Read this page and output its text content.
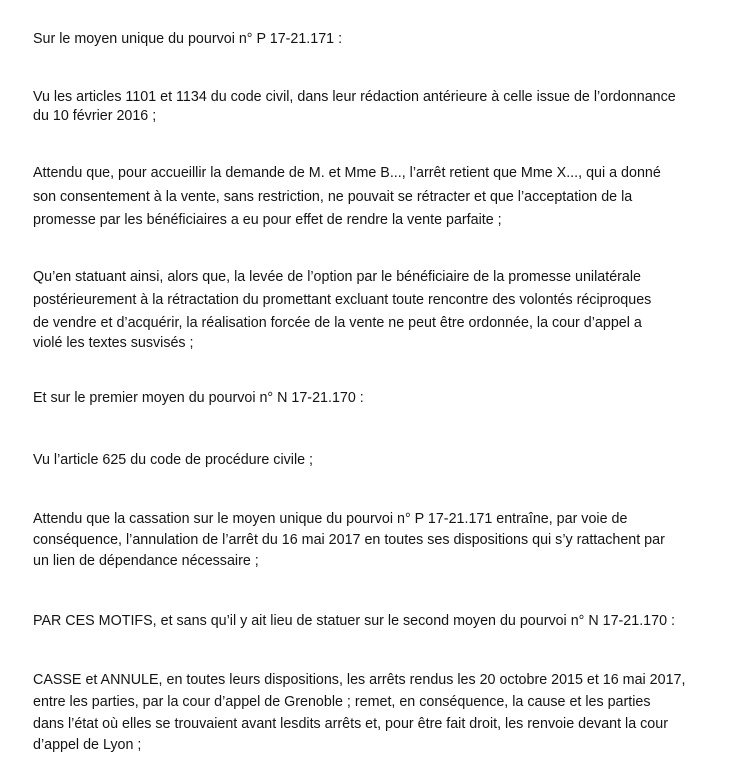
Sur le moyen unique du pourvoi n° P 17-21.171 :

Vu les articles 1101 et 1134 du code civil, dans leur rédaction antérieure à celle issue de l’ordonnance

du 10 février 2016 ;

Attendu que, pour accueillir la demande de M. et Mme B..., l’arrêt retient que Mme X..., qui a donné

son consentement à la vente, sans restriction, ne pouvait se rétracter et que l’acceptation de la

promesse par les bénéficiaires a eu pour effet de rendre la vente parfaite ;

Qu’en statuant ainsi, alors que, la levée de l’option par le bénéficiaire de la promesse unilatérale

postérieurement à la rétractation du promettant excluant toute rencontre des volontés réciproques

de vendre et d’acquérir, la réalisation forcée de la vente ne peut être ordonnée, la cour d’appel a

violé les textes susvisés ;

Et sur le premier moyen du pourvoi n° N 17-21.170 :

Vu l’article 625 du code de procédure civile ;

Attendu que la cassation sur le moyen unique du pourvoi n° P 17-21.171 entraîne, par voie de

conséquence, l’annulation de l’arrêt du 16 mai 2017 en toutes ses dispositions qui s’y rattachent par

un lien de dépendance nécessaire ;

PAR CES MOTIFS, et sans qu’il y ait lieu de statuer sur le second moyen du pourvoi n° N 17-21.170 :

CASSE et ANNULE, en toutes leurs dispositions, les arrêts rendus les 20 octobre 2015 et 16 mai 2017,

entre les parties, par la cour d’appel de Grenoble ; remet, en conséquence, la cause et les parties

dans l’état où elles se trouvaient avant lesdits arrêts et, pour être fait droit, les renvoie devant la cour

d’appel de Lyon ;
